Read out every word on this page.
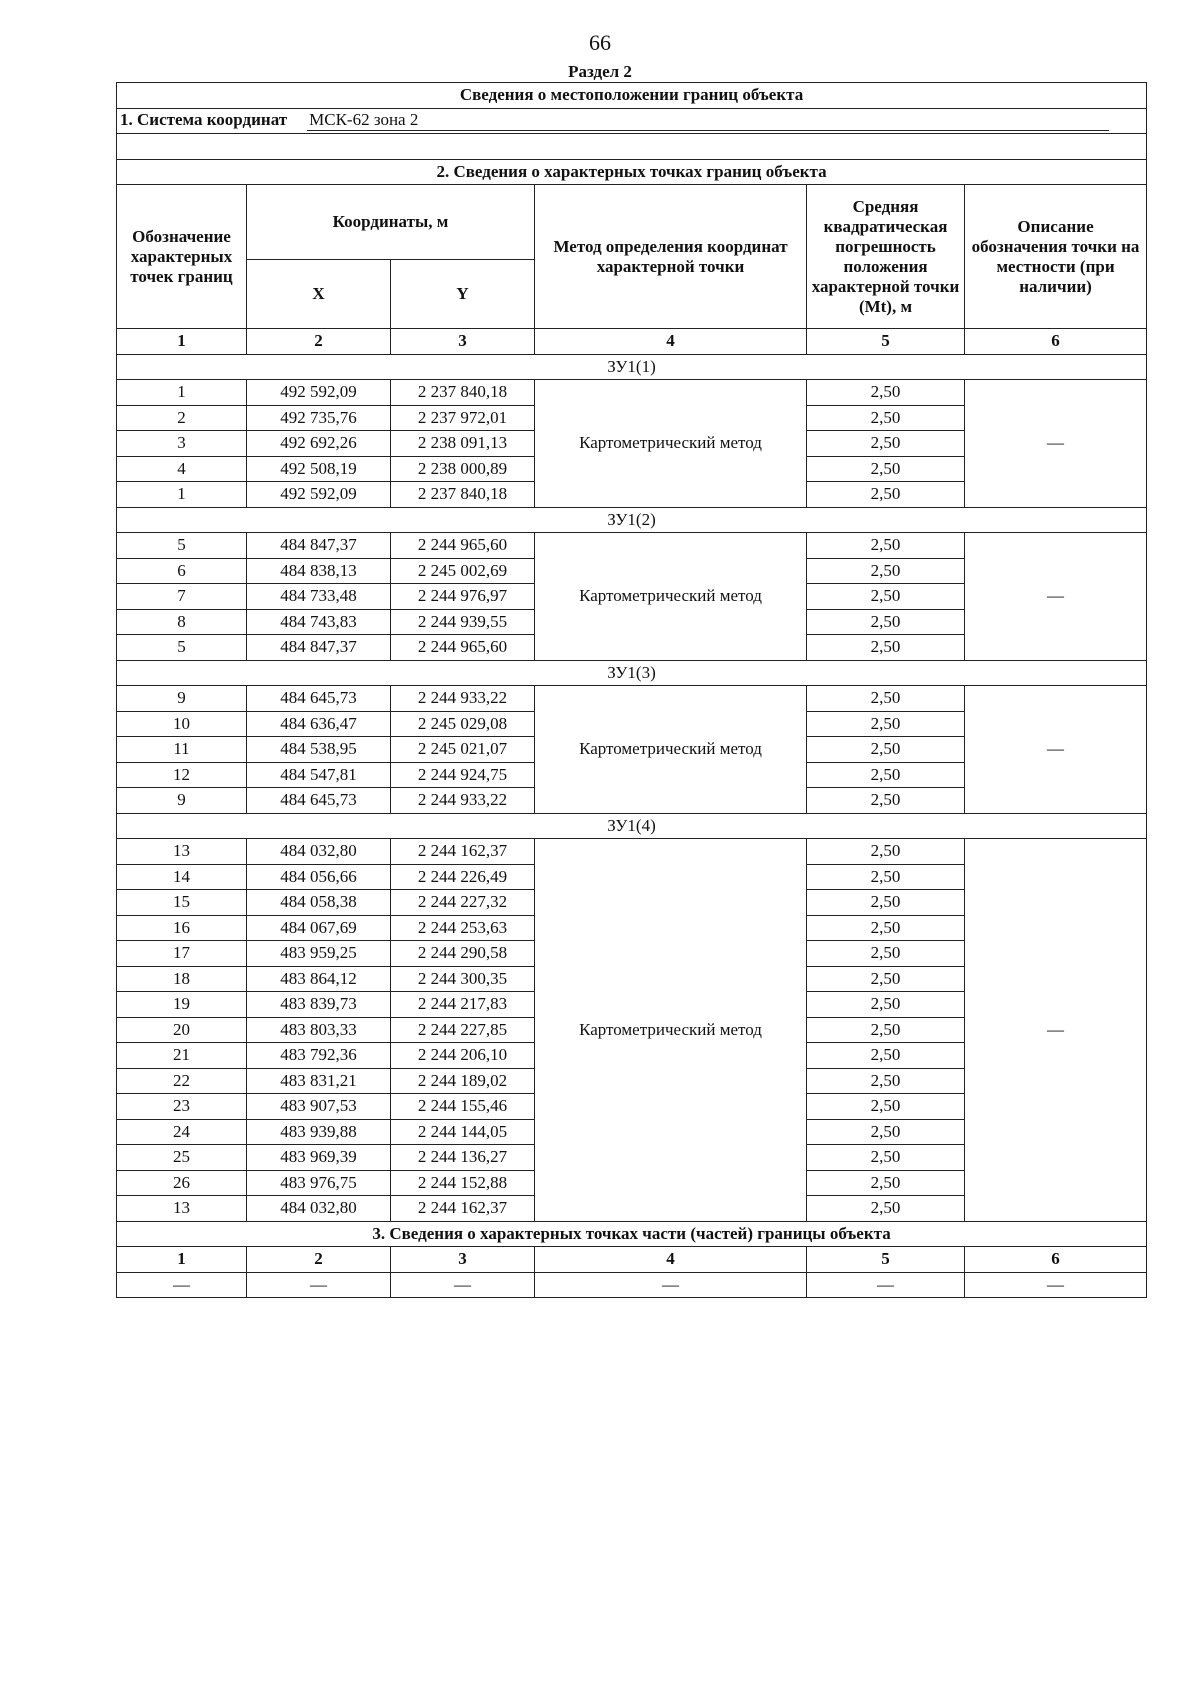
66
Раздел 2
Сведения о местоположении границ объекта					
1. Система координат МСК-62 зона 2					

2. Сведения о характерных точках границ объекта					
Обозначение характерных точек границ	Координаты, м		Метод определения координат характерной точки	Средняя квадратическая погрешность положения характерной точки (Mt), м	Описание обозначения точки на местности (при наличии)
	X	Y			
1	2	3	4	5	6
ЗУ1(1)					
1	492 592,09	2 237 840,18	Картометрический метод	2,50	—
2	492 735,76	2 237 972,01		2,50	
3	492 692,26	2 238 091,13		2,50	
4	492 508,19	2 238 000,89		2,50	
1	492 592,09	2 237 840,18		2,50	
ЗУ1(2)					
5	484 847,37	2 244 965,60	Картометрический метод	2,50	—
6	484 838,13	2 245 002,69		2,50	
7	484 733,48	2 244 976,97		2,50	
8	484 743,83	2 244 939,55		2,50	
5	484 847,37	2 244 965,60		2,50	
ЗУ1(3)					
9	484 645,73	2 244 933,22	Картометрический метод	2,50	—
10	484 636,47	2 245 029,08		2,50	
11	484 538,95	2 245 021,07		2,50	
12	484 547,81	2 244 924,75		2,50	
9	484 645,73	2 244 933,22		2,50	
ЗУ1(4)					
13	484 032,80	2 244 162,37	Картометрический метод	2,50	—
14	484 056,66	2 244 226,49		2,50	
15	484 058,38	2 244 227,32		2,50	
16	484 067,69	2 244 253,63		2,50	
17	483 959,25	2 244 290,58		2,50	
18	483 864,12	2 244 300,35		2,50	
19	483 839,73	2 244 217,83		2,50	
20	483 803,33	2 244 227,85		2,50	
21	483 792,36	2 244 206,10		2,50	
22	483 831,21	2 244 189,02		2,50	
23	483 907,53	2 244 155,46		2,50	
24	483 939,88	2 244 144,05		2,50	
25	483 969,39	2 244 136,27		2,50	
26	483 976,75	2 244 152,88		2,50	
13	484 032,80	2 244 162,37		2,50	
3. Сведения о характерных точках части (частей) границы объекта					
1	2	3	4	5	6
—	—	—	—	—	—
